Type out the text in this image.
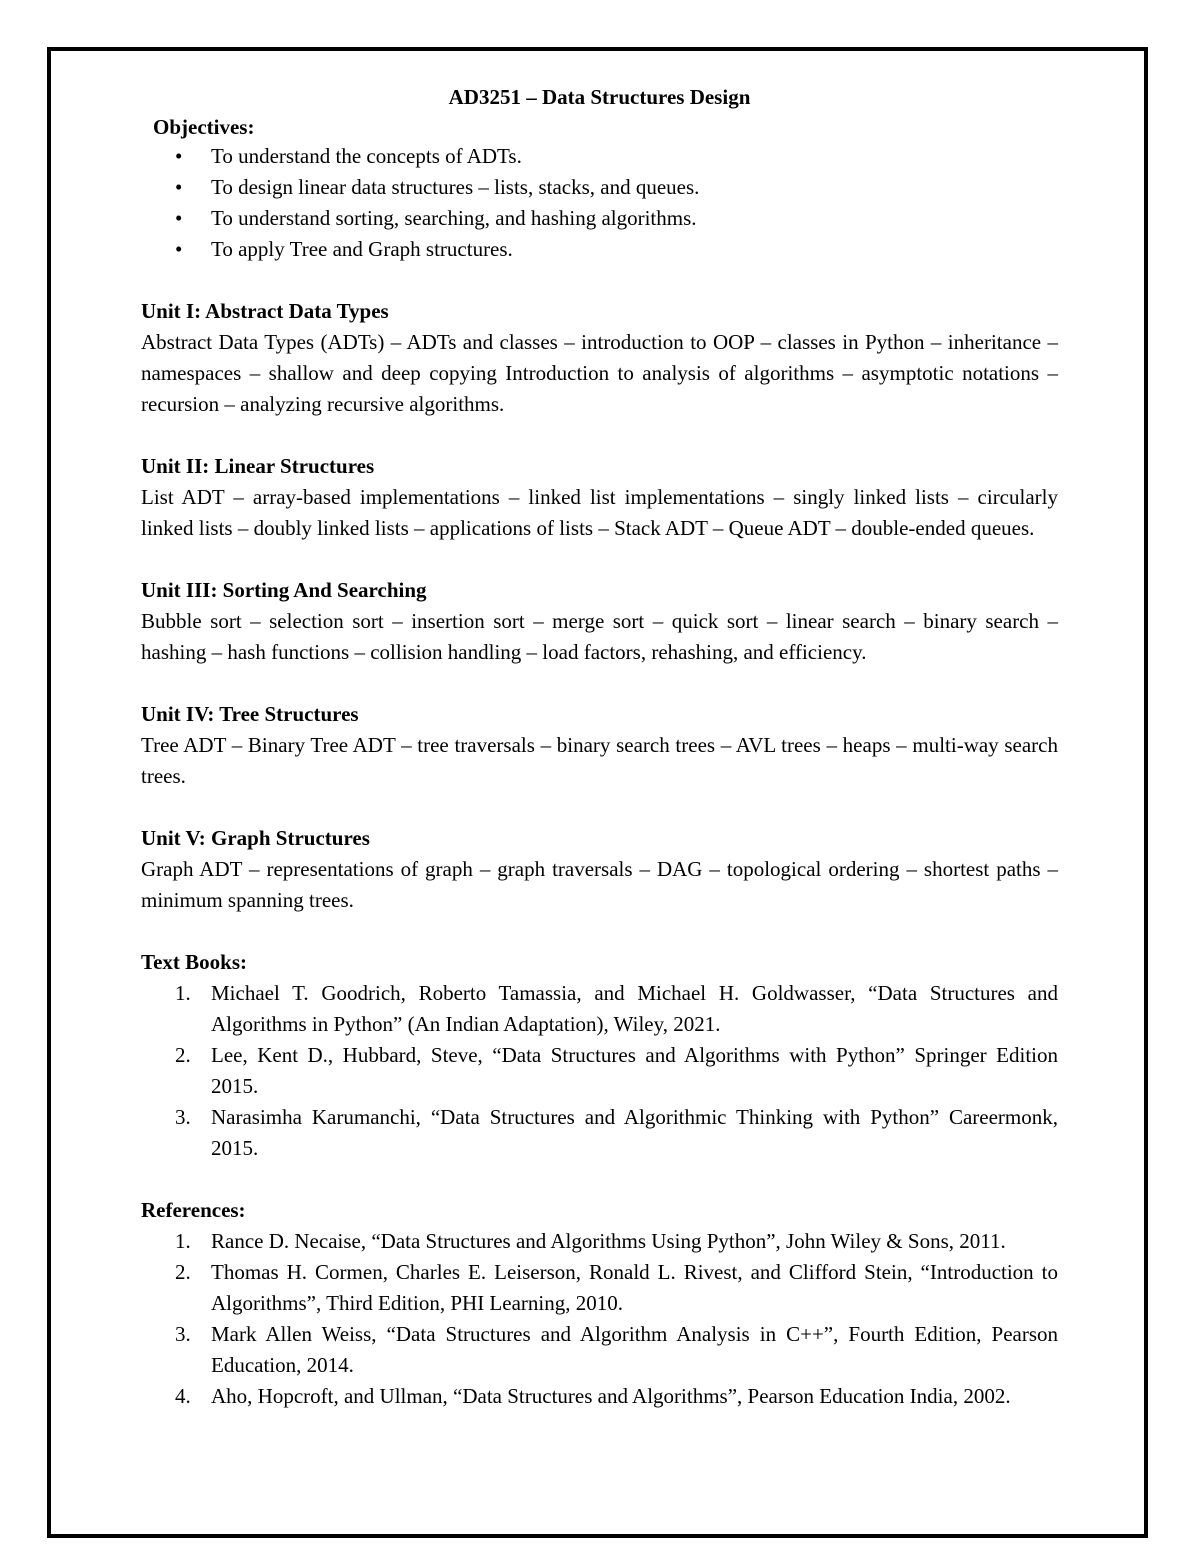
AD3251 – Data Structures Design

Objectives:

• To understand the concepts of ADTs.
• To design linear data structures – lists, stacks, and queues.
• To understand sorting, searching, and hashing algorithms.
• To apply Tree and Graph structures.

Unit I: Abstract Data Types

Abstract Data Types (ADTs) – ADTs and classes – introduction to OOP – classes in Python – inheritance – namespaces – shallow and deep copying Introduction to analysis of algorithms – asymptotic notations – recursion – analyzing recursive algorithms.

Unit II: Linear Structures

List ADT – array-based implementations – linked list implementations – singly linked lists – circularly linked lists – doubly linked lists – applications of lists – Stack ADT – Queue ADT – double-ended queues.

Unit III: Sorting And Searching

Bubble sort – selection sort – insertion sort – merge sort – quick sort – linear search – binary search – hashing – hash functions – collision handling – load factors, rehashing, and efficiency.

Unit IV: Tree Structures

Tree ADT – Binary Tree ADT – tree traversals – binary search trees – AVL trees – heaps – multi-way search trees.

Unit V: Graph Structures

Graph ADT – representations of graph – graph traversals – DAG – topological ordering – shortest paths – minimum spanning trees.

Text Books:

1. Michael T. Goodrich, Roberto Tamassia, and Michael H. Goldwasser, “Data Structures and Algorithms in Python” (An Indian Adaptation), Wiley, 2021.
2. Lee, Kent D., Hubbard, Steve, “Data Structures and Algorithms with Python” Springer Edition 2015.
3. Narasimha Karumanchi, “Data Structures and Algorithmic Thinking with Python” Careermonk, 2015.

References:

1. Rance D. Necaise, “Data Structures and Algorithms Using Python”, John Wiley & Sons, 2011.
2. Thomas H. Cormen, Charles E. Leiserson, Ronald L. Rivest, and Clifford Stein, “Introduction to Algorithms”, Third Edition, PHI Learning, 2010.
3. Mark Allen Weiss, “Data Structures and Algorithm Analysis in C++”, Fourth Edition, Pearson Education, 2014.
4. Aho, Hopcroft, and Ullman, “Data Structures and Algorithms”, Pearson Education India, 2002.
